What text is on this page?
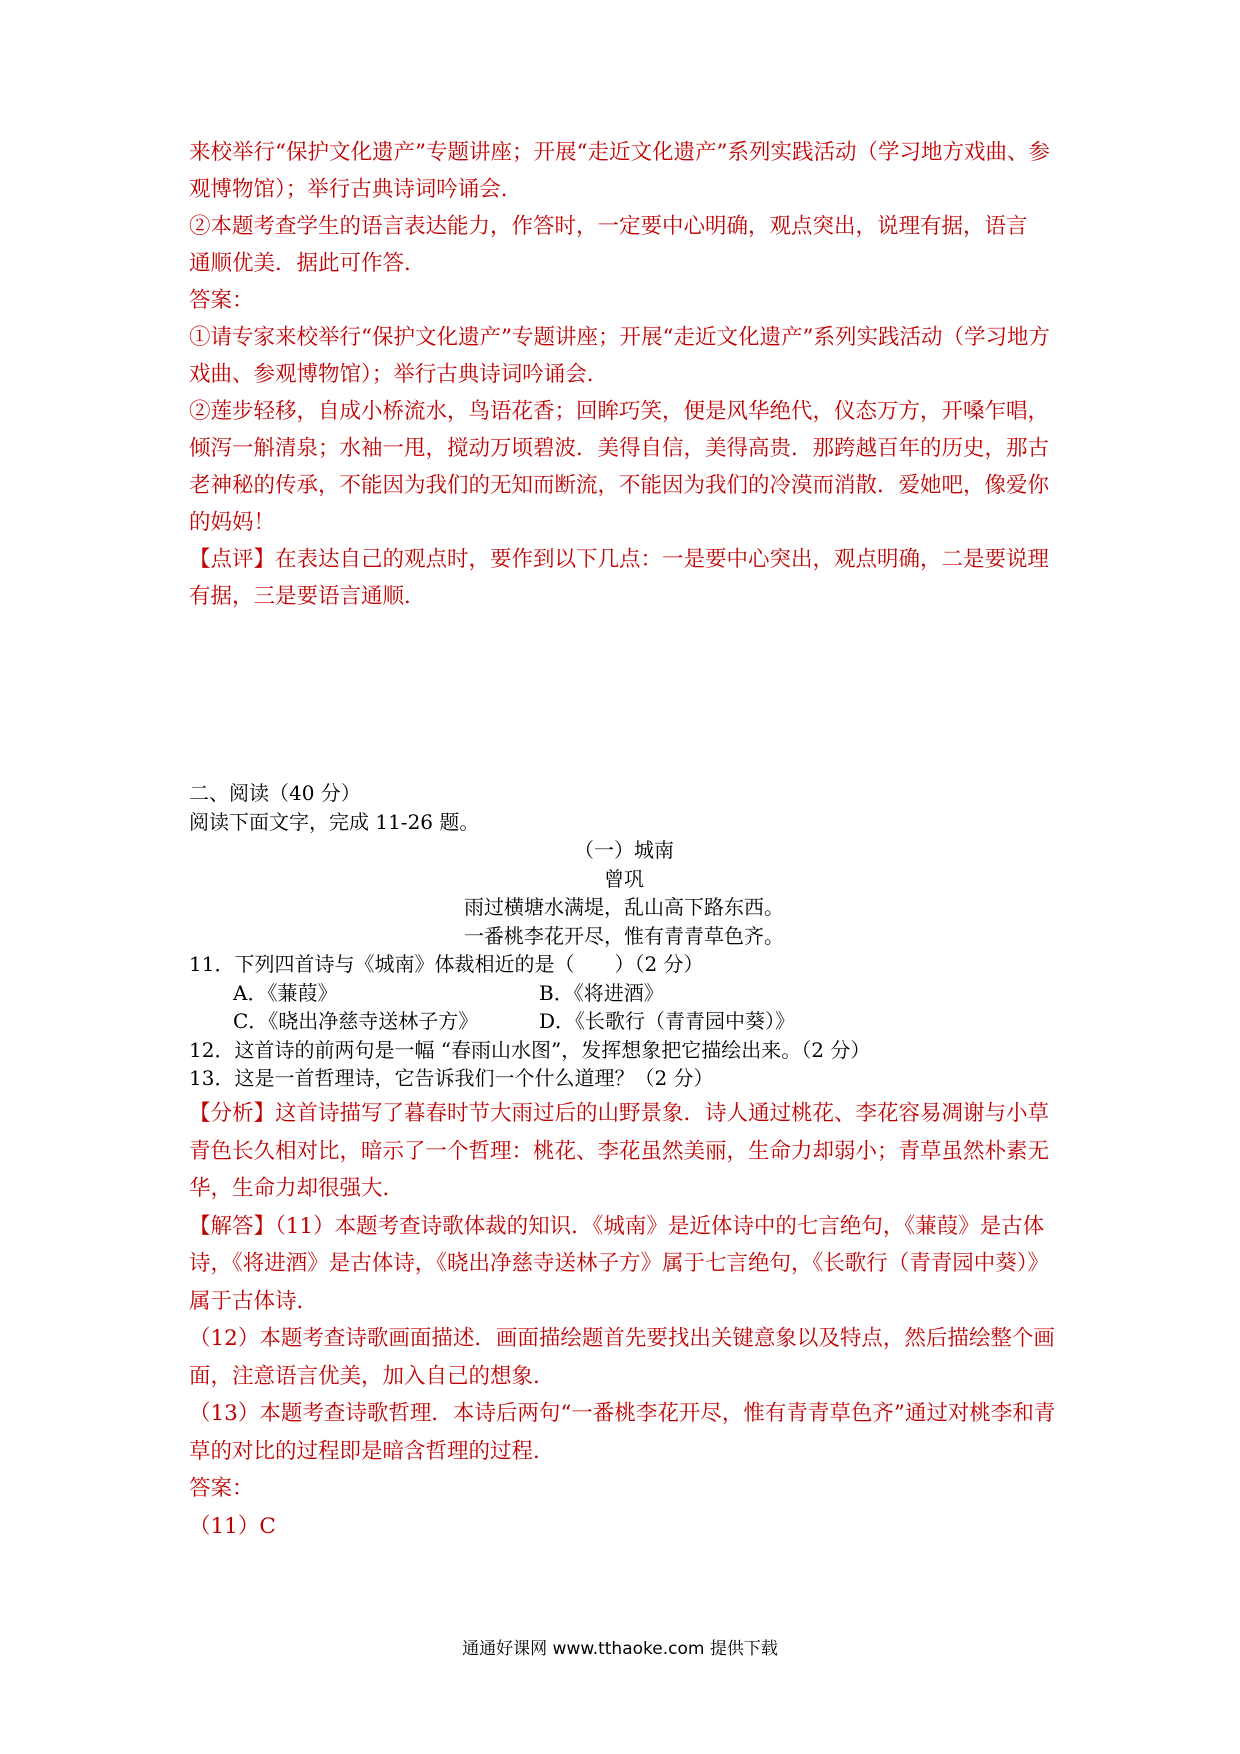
来校举行“保护文化遗产”专题讲座；开展“走近文化遗产”系列实践活动（学习地方戏曲、参

观博物馆）；举行古典诗词吟诵会．

②本题考查学生的语言表达能力，作答时，一定要中心明确，观点突出，说理有据，语言

通顺优美．据此可作答．

答案：

①请专家来校举行“保护文化遗产”专题讲座；开展“走近文化遗产”系列实践活动（学习地方

戏曲、参观博物馆）；举行古典诗词吟诵会．

②莲步轻移，自成小桥流水，鸟语花香；回眸巧笑，便是风华绝代，仪态万方，开嗓乍唱，

倾泻一斛清泉；水袖一甩，搅动万顷碧波．美得自信，美得高贵．那跨越百年的历史，那古

老神秘的传承，不能因为我们的无知而断流，不能因为我们的冷漠而消散．爱她吧，像爱你

的妈妈！

【点评】在表达自己的观点时，要作到以下几点：一是要中心突出，观点明确，二是要说理

有据，三是要语言通顺．

二、阅读（40 分）

阅读下面文字，完成 11-26 题。

（一）城南

曾巩

雨过横塘水满堤，乱山高下路东西。

一番桃李花开尽，惟有青青草色齐。

11．下列四首诗与《城南》体裁相近的是（　　）（2 分）

A．《蒹葭》	B．《将进酒》

C．《晓出净慈寺送林子方》	D．《长歌行（青青园中葵）》

12．这首诗的前两句是一幅 “春雨山水图”，发挥想象把它描绘出来。（2 分）

13．这是一首哲理诗，它告诉我们一个什么道理？（2 分）

【分析】这首诗描写了暮春时节大雨过后的山野景象．诗人通过桃花、李花容易凋谢与小草

青色长久相对比，暗示了一个哲理：桃花、李花虽然美丽，生命力却弱小；青草虽然朴素无

华，生命力却很强大．

【解答】（11）本题考查诗歌体裁的知识．《城南》是近体诗中的七言绝句，《蒹葭》是古体

诗，《将进酒》是古体诗，《晓出净慈寺送林子方》属于七言绝句，《长歌行（青青园中葵）》

属于古体诗．

（12）本题考查诗歌画面描述．画面描绘题首先要找出关键意象以及特点，然后描绘整个画

面，注意语言优美，加入自己的想象．

（13）本题考查诗歌哲理．本诗后两句“一番桃李花开尽，惟有青青草色齐”通过对桃李和青

草的对比的过程即是暗含哲理的过程．

答案：

（11）C

通通好课网 www.tthaoke.com 提供下载
